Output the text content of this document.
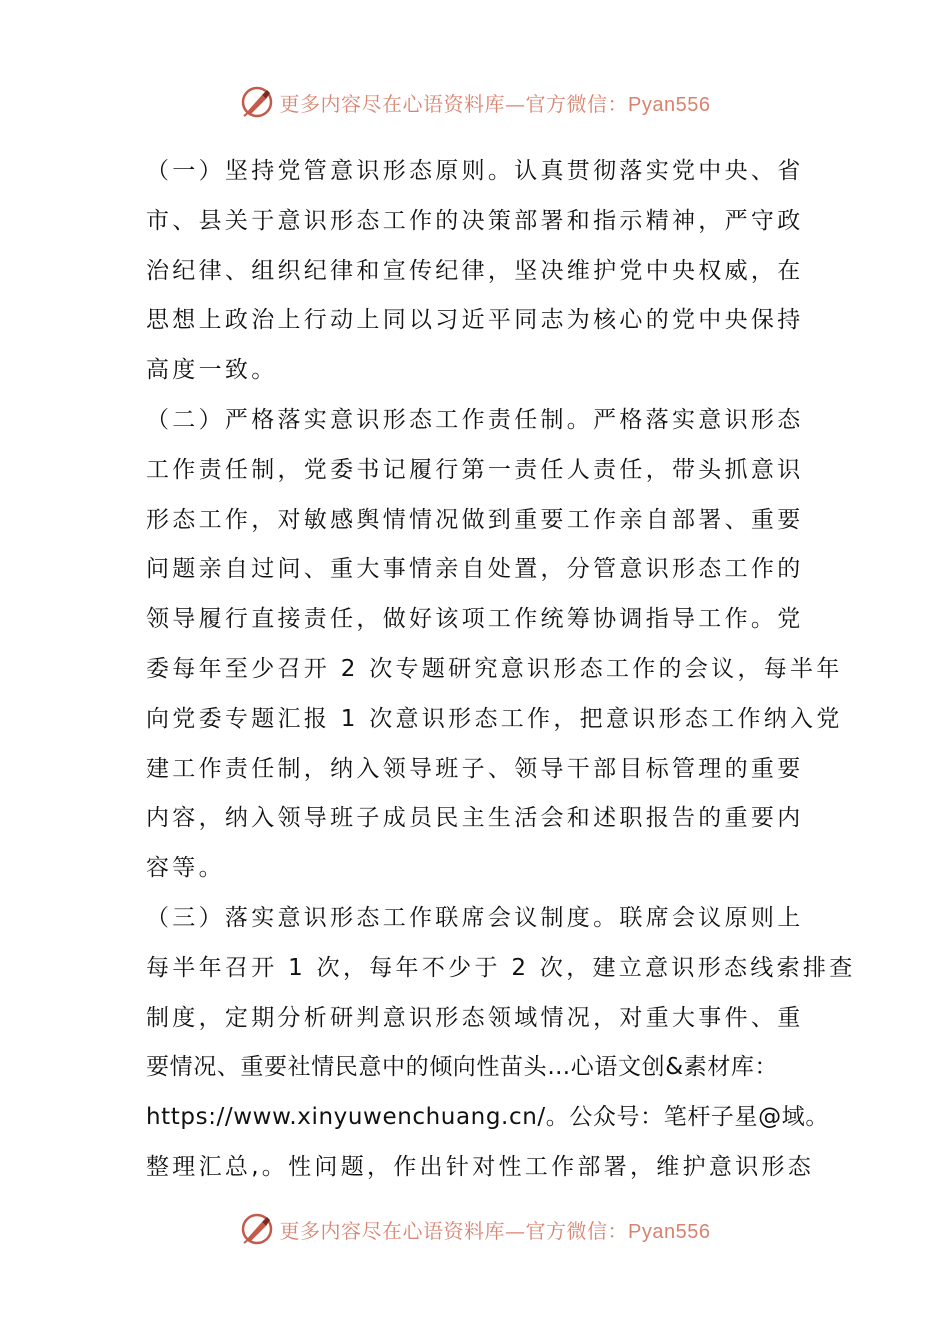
更多内容尽在心语资料库—官方微信：Pyan556
（一）坚持党管意识形态原则。认真贯彻落实党中央、省
市、县关于意识形态工作的决策部署和指示精神，严守政
治纪律、组织纪律和宣传纪律，坚决维护党中央权威，在
思想上政治上行动上同以习近平同志为核心的党中央保持
高度一致。
（二）严格落实意识形态工作责任制。严格落实意识形态
工作责任制，党委书记履行第一责任人责任，带头抓意识
形态工作，对敏感舆情情况做到重要工作亲自部署、重要
问题亲自过问、重大事情亲自处置，分管意识形态工作的
领导履行直接责任，做好该项工作统筹协调指导工作。党
委每年至少召开 2 次专题研究意识形态工作的会议，每半年
向党委专题汇报 1 次意识形态工作，把意识形态工作纳入党
建工作责任制，纳入领导班子、领导干部目标管理的重要
内容，纳入领导班子成员民主生活会和述职报告的重要内
容等。
（三）落实意识形态工作联席会议制度。联席会议原则上
每半年召开 1 次，每年不少于 2 次，建立意识形态线索排查
制度，定期分析研判意识形态领域情况，对重大事件、重
要情况、重要社情民意中的倾向性苗头…心语文创&素材库：
https://www.xinyuwenchuang.cn/。公众号：笔杆子星@域。
整理汇总,。性问题，作出针对性工作部署，维护意识形态
更多内容尽在心语资料库—官方微信：Pyan556
